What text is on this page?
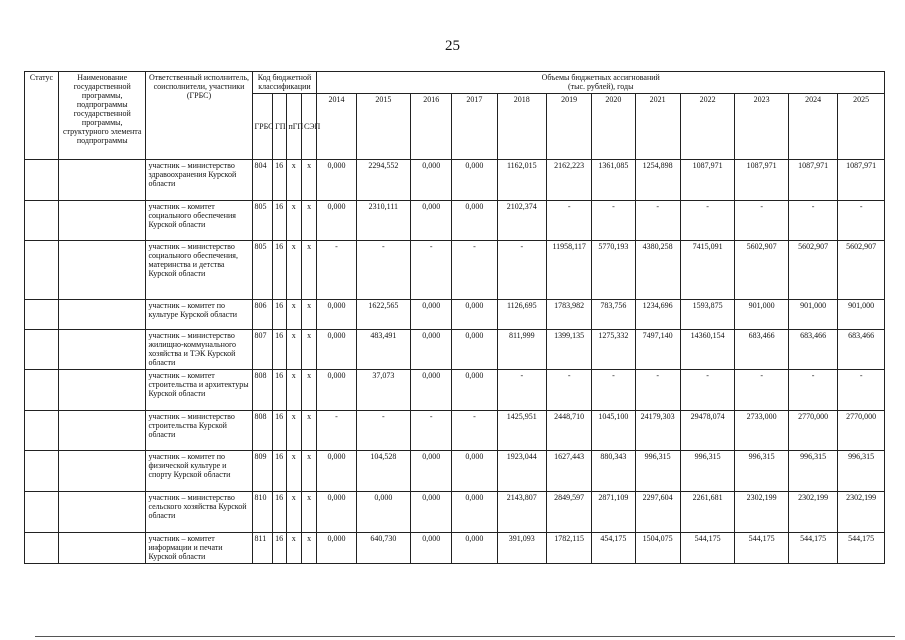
25
Статус	Наименование государственной программы, подпрограммы государственной программы, структурного элемента подпрограммы	Ответственный исполнитель, соисполнители, участники (ГРБС)	Код бюджетной классификации				Объемы бюджетных ассигнований
(тыс. рублей), годы											

			ГРБС	ГП	пГП	СЭП	2014	2015	2016	2017	2018	2019	2020	2021	2022	2023	2024	2025
		участник – министерство здравоохранения Курской области	804	16	x	x	0,000	2294,552	0,000	0,000	1162,015	2162,223	1361,085	1254,898	1087,971	1087,971	1087,971	1087,971
		участник – комитет социального обеспечения Курской области	805	16	x	x	0,000	2310,111	0,000	0,000	2102,374	-	-	-	-	-	-	-
		участник – министерство социального обеспечения, материнства и детства Курской области	805	16	x	x	-	-	-	-	-	11958,117	5770,193	4380,258	7415,091	5602,907	5602,907	5602,907
		участник – комитет по культуре Курской области	806	16	x	x	0,000	1622,565	0,000	0,000	1126,695	1783,982	783,756	1234,696	1593,875	901,000	901,000	901,000
		участник – министерство жилищно-коммунального хозяйства и ТЭК Курской области	807	16	x	x	0,000	483,491	0,000	0,000	811,999	1399,135	1275,332	7497,140	14360,154	683,466	683,466	683,466
		участник – комитет строительства и архитектуры Курской области	808	16	x	x	0,000	37,073	0,000	0,000	-	-	-	-	-	-	-	-
		участник – министерство строительства Курской области	808	16	x	x	-	-	-	-	1425,951	2448,710	1045,100	24179,303	29478,074	2733,000	2770,000	2770,000
		участник – комитет по физической культуре и спорту Курской области	809	16	x	x	0,000	104,528	0,000	0,000	1923,044	1627,443	880,343	996,315	996,315	996,315	996,315	996,315
		участник – министерство сельского хозяйства Курской области	810	16	x	x	0,000	0,000	0,000	0,000	2143,807	2849,597	2871,109	2297,604	2261,681	2302,199	2302,199	2302,199
		участник – комитет информации и печати Курской области	811	16	x	x	0,000	640,730	0,000	0,000	391,093	1782,115	454,175	1504,075	544,175	544,175	544,175	544,175
